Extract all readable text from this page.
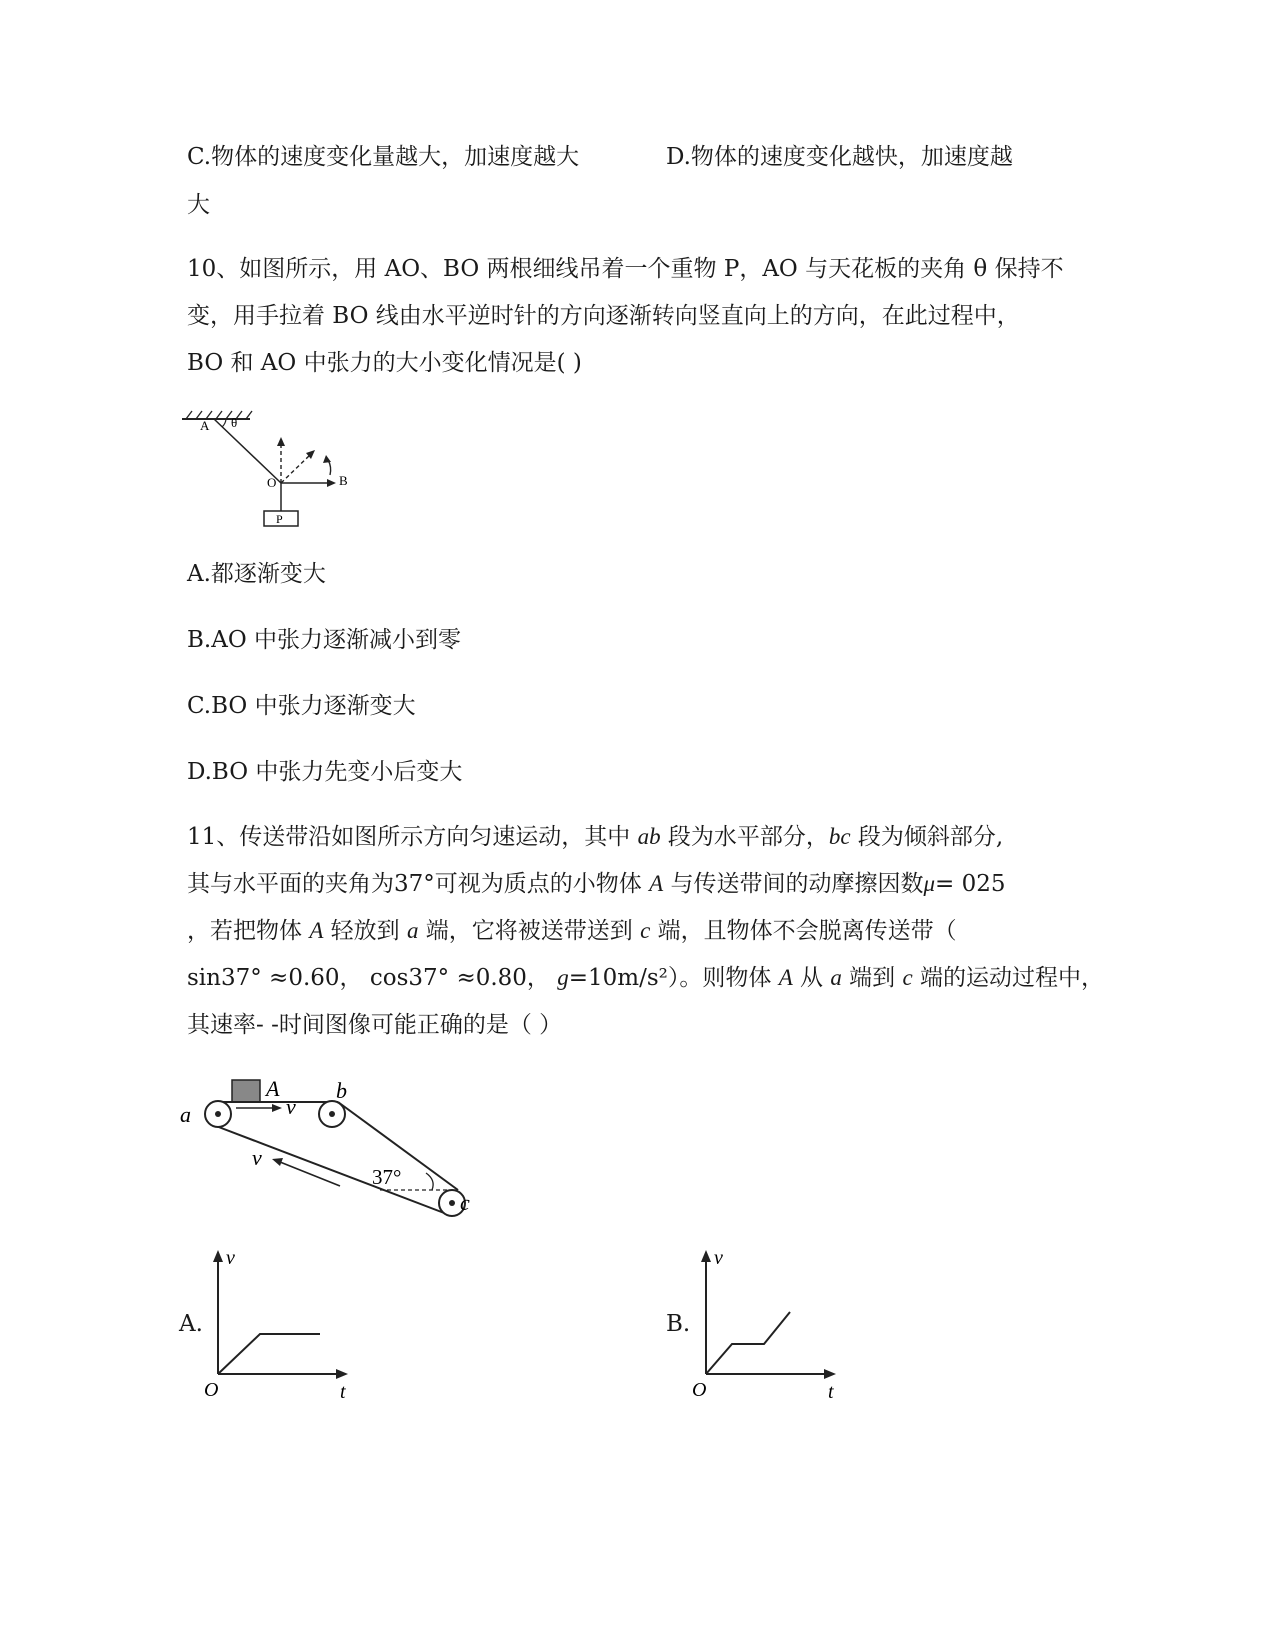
C.物体的速度变化量越大，加速度越大	D.物体的速度变化越快，加速度越
大
10、如图所示，用 AO、BO 两根细线吊着一个重物 P，AO 与天花板的夹角 θ 保持不
变，用手拉着 BO 线由水平逆时针的方向逐渐转向竖直向上的方向，在此过程中，
BO 和 AO 中张力的大小变化情况是( )
A θ
O	B
P
A.都逐渐变大
B.AO 中张力逐渐减小到零
C.BO 中张力逐渐变大
D.BO 中张力先变小后变大
11、传送带沿如图所示方向匀速运动，其中 ab 段为水平部分，bc 段为倾斜部分,
其与水平面的夹角为37°可视为质点的小物体 A 与传送带间的动摩擦因数μ= 025
，若把物体 A 轻放到 a 端，它将被送带送到 c 端，且物体不会脱离传送带（
sin37° ≈0.60， cos37° ≈0.80， g=10m/s²）。则物体 A 从 a 端到 c 端的运动过程中，
其速率- -时间图像可能正确的是（ ）
A
v
b
a
v
37°
c
A.
v
O	t
B.
v
O	t
